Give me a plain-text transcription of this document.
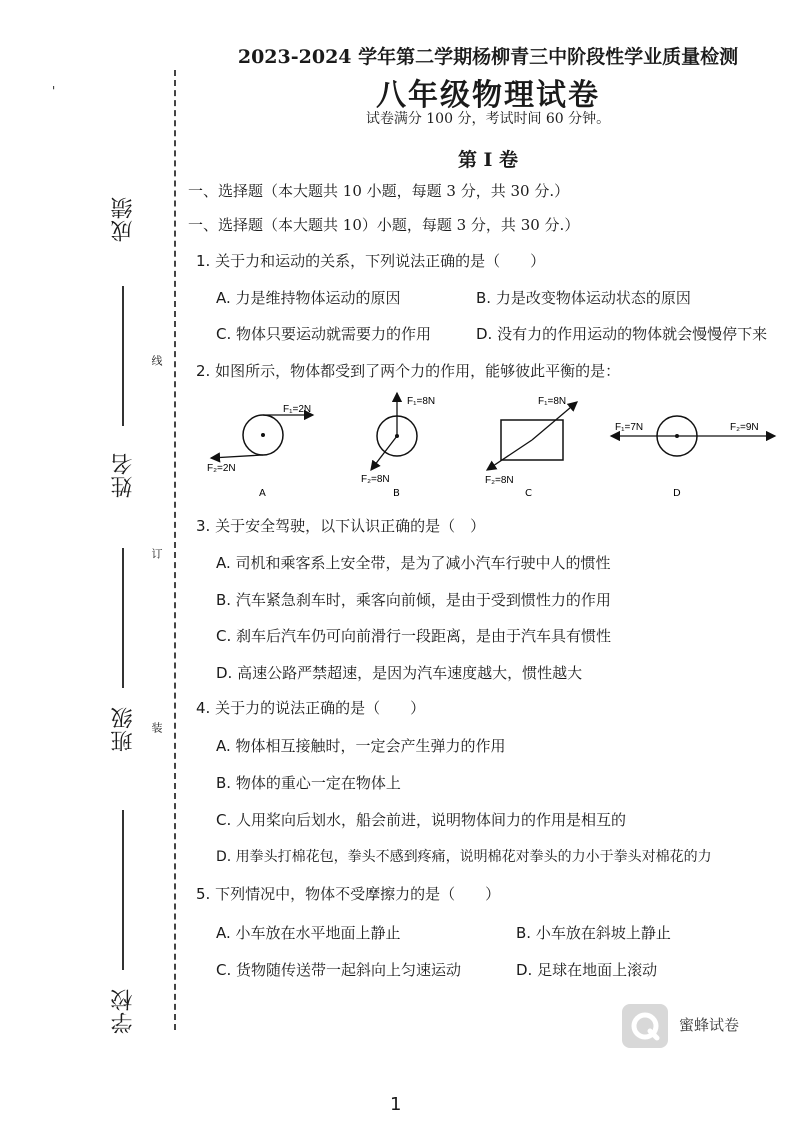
'
成绩
姓名
班级
学校
线
订
装
2023-2024 学年第二学期杨柳青三中阶段性学业质量检测
八年级物理试卷
试卷满分 100 分，考试时间 60 分钟。
第 I 卷
一、选择题（本大题共 10 小题，每题 3 分，共 30 分.）
一、选择题（本大题共 10）小题，每题 3 分，共 30 分.）
1. 关于力和运动的关系，下列说法正确的是（　　）
A. 力是维持物体运动的原因	B. 力是改变物体运动状态的原因
C. 物体只要运动就需要力的作用	D. 没有力的作用运动的物体就会慢慢停下来
2. 如图所示，物体都受到了两个力的作用，能够彼此平衡的是：
F₁=2N
F₂=2N
A
F₁=8N
F₂=8N
B
F₁=8N
F₂=8N
C
F₁=7N	F₂=9N
D
3. 关于安全驾驶，以下认识正确的是（　）
A. 司机和乘客系上安全带，是为了减小汽车行驶中人的惯性
B. 汽车紧急刹车时，乘客向前倾，是由于受到惯性力的作用
C. 刹车后汽车仍可向前滑行一段距离，是由于汽车具有惯性
D. 高速公路严禁超速，是因为汽车速度越大，惯性越大
4. 关于力的说法正确的是（　　）
A. 物体相互接触时，一定会产生弹力的作用
B. 物体的重心一定在物体上
C. 人用桨向后划水，船会前进，说明物体间力的作用是相互的
D. 用拳头打棉花包，拳头不感到疼痛，说明棉花对拳头的力小于拳头对棉花的力
5. 下列情况中，物体不受摩擦力的是（　　）
A. 小车放在水平地面上静止	B. 小车放在斜坡上静止
C. 货物随传送带一起斜向上匀速运动	D. 足球在地面上滚动
蜜蜂试卷
1
